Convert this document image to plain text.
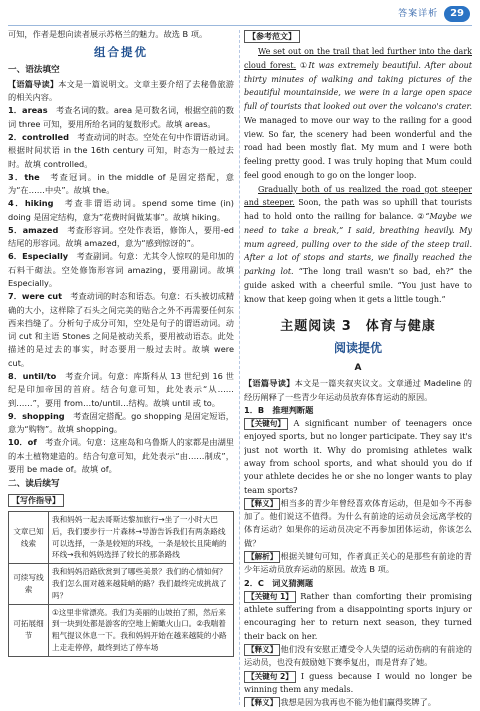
答案详析	29

可知，作者是想向读者展示苏格兰的魅力。故选 B 项。

组合提优
一、语法填空

【语篇导读】本文是一篇说明文。文章主要介绍了去秘鲁旅游的相关内容。

1．areas　 考查名词的数。area 是可数名词，根据空前的数词 three 可知，要用所给名词的复数形式。故填 areas。

2．controlled　 考查动词的时态。空处在句中作谓语动词。根据时间状语 in the 16th century 可知，时态为一般过去时。故填 controlled。

3．the　 考查冠词。in the middle of 是固定搭配，意为“在……中央”。故填 the。

4．hiking　 考查非谓语动词。spend some time (in) doing 是固定结构，意为“花费时间做某事”。故填 hiking。

5．amazed　 考查形容词。空处作表语，修饰人，要用-ed 结尾的形容词。故填 amazed，意为“感到惊讶的”。

6．Especially　 考查副词。句意：尤其令人惊叹的是印加的石料干砌法。空处修饰形容词 amazing，要用副词。故填 Especially。

7．were cut　 考查动词的时态和语态。句意：石头被切成精确的大小，这样除了石头之间完美的贴合之外不再需要任何东西来挡缝了。分析句子成分可知，空处是句子的谓语动词。动词 cut 和主语 Stones 之间是被动关系，要用被动语态。此处描述的是过去的事实，时态要用一般过去时。故填 were cut。

8．until/to　 考查介词。句意：库斯科从 13 世纪到 16 世纪是印加帝国的首府。结合句意可知，此处表示“从……到……”，要用 from…to/until…结构。故填 until 或 to。

9．shopping　 考查固定搭配。go shopping 是固定短语，意为“购物”。故填 shopping。

10．of　 考查介词。句意：这座岛和乌鲁斯人的家都是由湖里的本土植物建造的。结合句意可知，此处表示“由……制成”，要用 be made of。故填 of。

二、读后续写
【写作指导】
文章已知线索	我和妈妈一起去哥斯达黎加旅行→坐了一小时大巴后，我们要步行一片森林→导游告诉我们有两条路线可以选择，一条是较短的环线，一条是较长且陡峭的环线→我和妈妈选择了较长的那条路线
可续写线索	我和妈妈沿路欣赏到了哪些美景？我们的心情如何？我们怎么面对越来越陡峭的路？我们最终完成挑战了吗？
可拓展细节	①这里非常漂亮。我们为美丽的山坡拍了照，然后来到一块到处都是游客的空地上俯瞰火山口。②我喘着粗气提议休息一下。我和妈妈开始在越来越陡的小路上走走停停，最终到达了停车场
【参考范文】

We set out on the trail that led further into the dark cloud forest. ①It was extremely beautiful. After about thirty minutes of walking and taking pictures of the beautiful mountainside, we were in a large open space full of tourists that looked out over the volcano's crater. We managed to move our way to the railing for a good view. So far, the scenery had been wonderful and the road had been mostly flat. My mum and I were both feeling pretty good. I was truly hoping that Mum could feel good enough to go on the longer loop.

Gradually both of us realized the road got steeper and steeper. Soon, the path was so uphill that tourists had to hold onto the railing for balance. ②“Maybe we need to take a break,” I said, breathing heavily. My mum agreed, pulling over to the side of the steep trail. After a lot of stops and starts, we finally reached the parking lot. “The long trail wasn't so bad, eh?” the guide asked with a cheerful smile. “You just have to know that keep going when it gets a little tough.”

主题阅读 3　体育与健康
阅读提优
A

【语篇导读】本文是一篇夹叙夹议文。文章通过 Madeline 的经历阐释了一些青少年运动员放弃体育运动的原因。

1．B　推理判断题

【关键句】 A significant number of teenagers once enjoyed sports, but no longer participate. They say it's just not worth it. Why do promising athletes walk away from school sports, and what should you do if your athlete decides he or she no longer wants to play team sports?

【释义】 相当多的青少年曾经喜欢体育运动，但是如今不再参加了。他们说这不值得。为什么有前途的运动员会远离学校的体育运动？如果你的运动员决定不再参加团体运动，你该怎么做？

【解析】 根据关键句可知，作者真正关心的是那些有前途的青少年运动员放弃运动的原因。故选 B 项。

2．C　词义猜测题

【关键句 1】 Rather than comforting their promising athlete suffering from a disappointing sports injury or encouraging her to return next season, they turned their back on her.

【释义】 他们没有安慰正遭受令人失望的运动伤病的有前途的运动员，也没有鼓励她下赛季复出，而是背弃了她。

【关键句 2】 I guess because I would no longer be winning them any medals.

【释义】 我想是因为我再也不能为他们赢得奖牌了。
